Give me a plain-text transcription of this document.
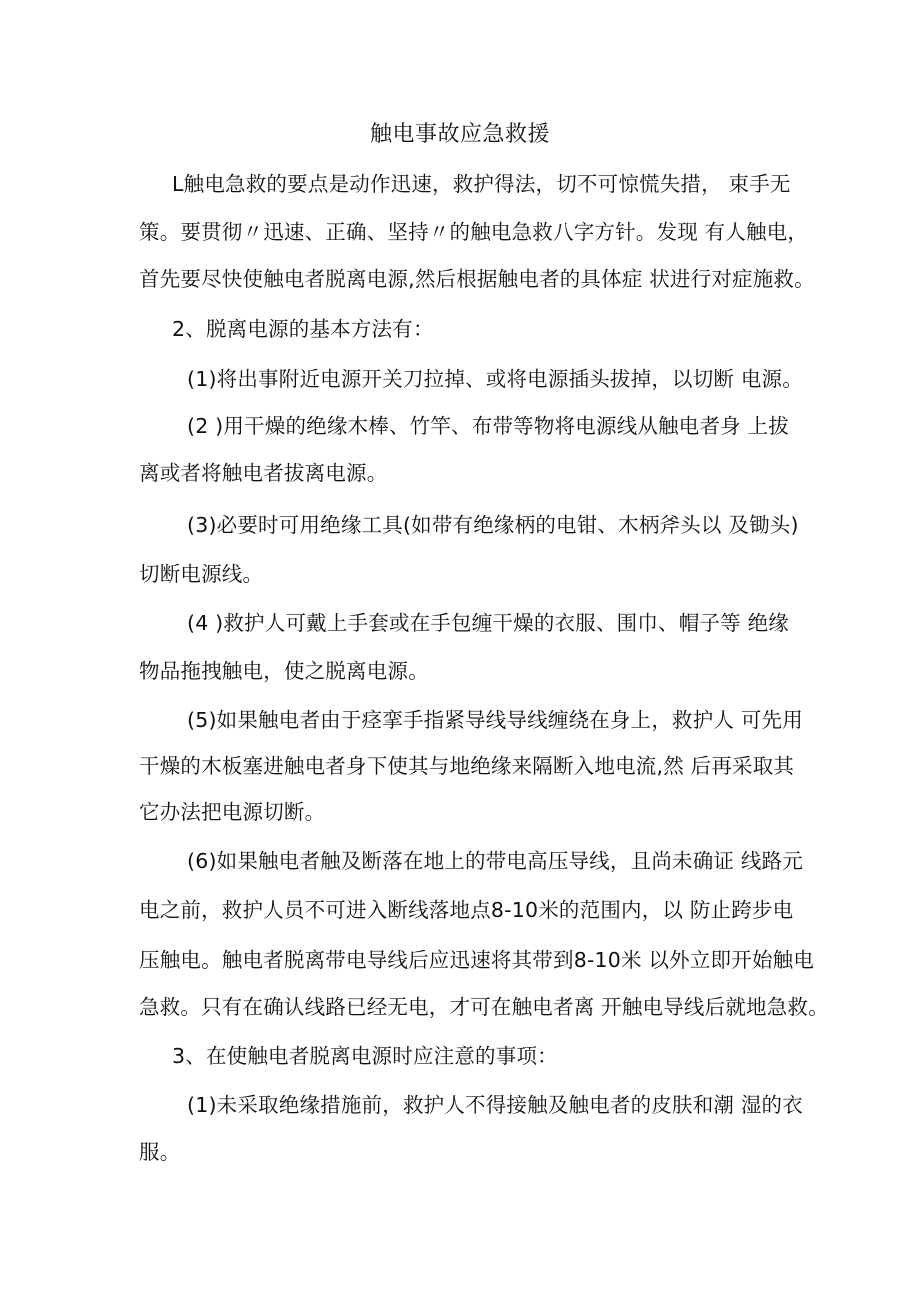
触电事故应急救援
L触电急救的要点是动作迅速，救护得法，切不可惊慌失措， 束手无
策。要贯彻〃迅速、正确、坚持〃的触电急救八字方针。发现 有人触电，
首先要尽快使触电者脱离电源,然后根据触电者的具体症 状进行对症施救。
2、脱离电源的基本方法有：
(1)将出事附近电源开关刀拉掉、或将电源插头拔掉，以切断 电源。
(2 )用干燥的绝缘木棒、竹竿、布带等物将电源线从触电者身 上拔
离或者将触电者拔离电源。
(3)必要时可用绝缘工具(如带有绝缘柄的电钳、木柄斧头以 及锄头)
切断电源线。
(4 )救护人可戴上手套或在手包缠干燥的衣服、围巾、帽子等 绝缘
物品拖拽触电，使之脱离电源。
(5)如果触电者由于痉挛手指紧导线导线缠绕在身上，救护人 可先用
干燥的木板塞进触电者身下使其与地绝缘来隔断入地电流,然 后再采取其
它办法把电源切断。
(6)如果触电者触及断落在地上的带电高压导线，且尚未确证 线路元
电之前，救护人员不可进入断线落地点8-10米的范围内，以 防止跨步电
压触电。触电者脱离带电导线后应迅速将其带到8-10米 以外立即开始触电
急救。只有在确认线路已经无电，才可在触电者离 开触电导线后就地急救。
3、在使触电者脱离电源时应注意的事项：
(1)未采取绝缘措施前，救护人不得接触及触电者的皮肤和潮 湿的衣
服。
